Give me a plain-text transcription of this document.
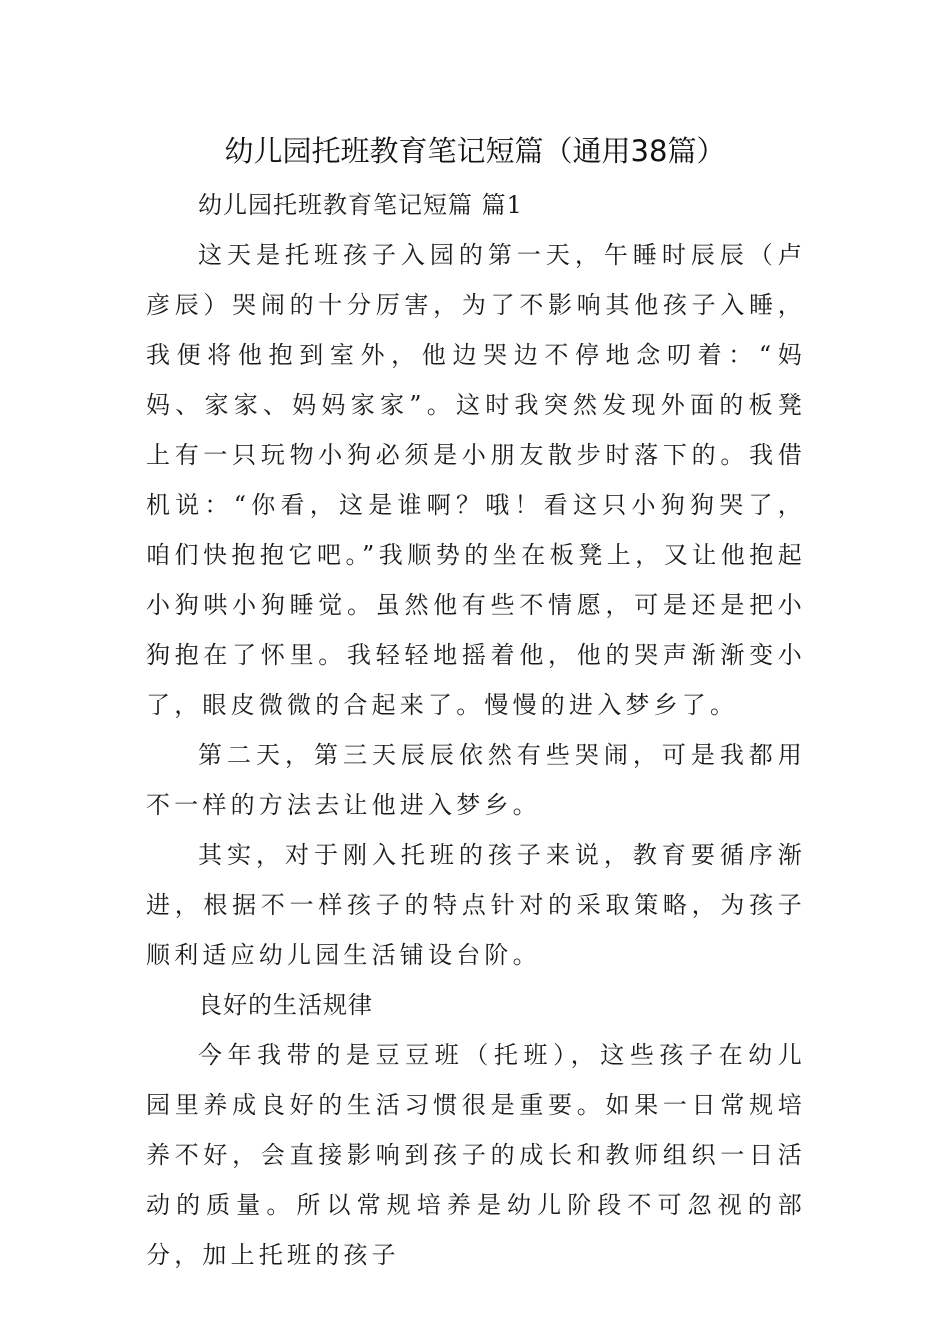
幼儿园托班教育笔记短篇（通用38篇）

幼儿园托班教育笔记短篇 篇1

这天是托班孩子入园的第一天，午睡时辰辰（卢彦辰）哭闹的十分厉害，为了不影响其他孩子入睡，我便将他抱到室外，他边哭边不停地念叨着：“妈妈、家家、妈妈家家”。这时我突然发现外面的板凳上有一只玩物小狗必须是小朋友散步时落下的。我借机说：“你看，这是谁啊？哦！看这只小狗狗哭了，咱们快抱抱它吧。”我顺势的坐在板凳上，又让他抱起小狗哄小狗睡觉。虽然他有些不情愿，可是还是把小狗抱在了怀里。我轻轻地摇着他，他的哭声渐渐变小了，眼皮微微的合起来了。慢慢的进入梦乡了。

第二天，第三天辰辰依然有些哭闹，可是我都用不一样的方法去让他进入梦乡。

其实，对于刚入托班的孩子来说，教育要循序渐进，根据不一样孩子的特点针对的采取策略，为孩子顺利适应幼儿园生活铺设台阶。

良好的生活规律

今年我带的是豆豆班（托班），这些孩子在幼儿园里养成良好的生活习惯很是重要。如果一日常规培养不好，会直接影响到孩子的成长和教师组织一日活动的质量。所以常规培养是幼儿阶段不可忽视的部分，加上托班的孩子
